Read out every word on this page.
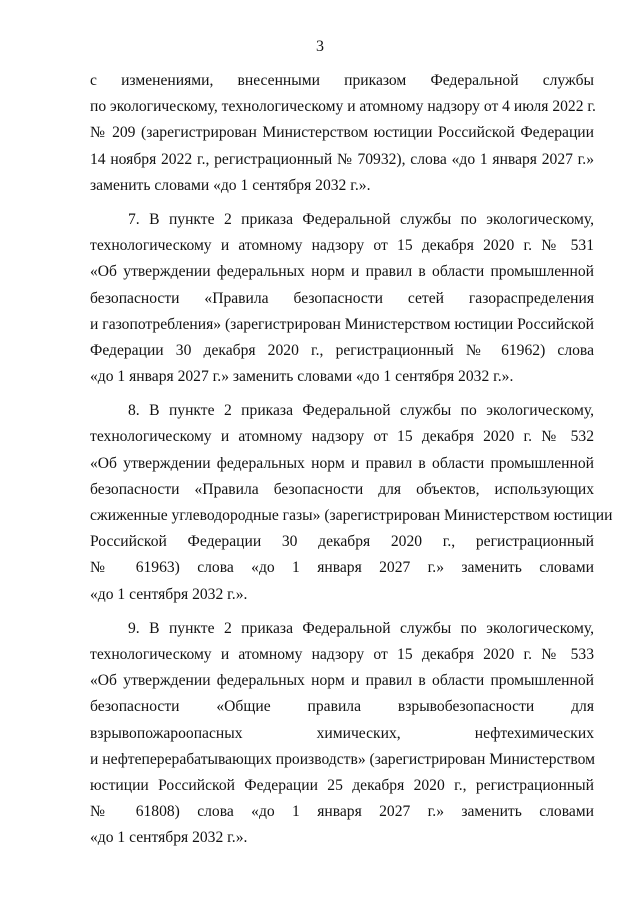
3
с изменениями, внесенными приказом Федеральной службы
по экологическому, технологическому и атомному надзору от 4 июля 2022 г.
№ 209 (зарегистрирован Министерством юстиции Российской Федерации
14 ноября 2022 г., регистрационный № 70932), слова «до 1 января 2027 г.»
заменить словами «до 1 сентября 2032 г.».
7. В пункте 2 приказа Федеральной службы по экологическому,
технологическому и атомному надзору от 15 декабря 2020 г. № 531
«Об утверждении федеральных норм и правил в области промышленной
безопасности «Правила безопасности сетей газораспределения
и газопотребления» (зарегистрирован Министерством юстиции Российской
Федерации 30 декабря 2020 г., регистрационный № 61962) слова
«до 1 января 2027 г.» заменить словами «до 1 сентября 2032 г.».
8. В пункте 2 приказа Федеральной службы по экологическому,
технологическому и атомному надзору от 15 декабря 2020 г. № 532
«Об утверждении федеральных норм и правил в области промышленной
безопасности «Правила безопасности для объектов, использующих
сжиженные углеводородные газы» (зарегистрирован Министерством юстиции
Российской Федерации 30 декабря 2020 г., регистрационный
№ 61963) слова «до 1 января 2027 г.» заменить словами
«до 1 сентября 2032 г.».
9. В пункте 2 приказа Федеральной службы по экологическому,
технологическому и атомному надзору от 15 декабря 2020 г. № 533
«Об утверждении федеральных норм и правил в области промышленной
безопасности «Общие правила взрывобезопасности для
взрывопожароопасных химических, нефтехимических
и нефтеперерабатывающих производств» (зарегистрирован Министерством
юстиции Российской Федерации 25 декабря 2020 г., регистрационный
№ 61808) слова «до 1 января 2027 г.» заменить словами
«до 1 сентября 2032 г.».
